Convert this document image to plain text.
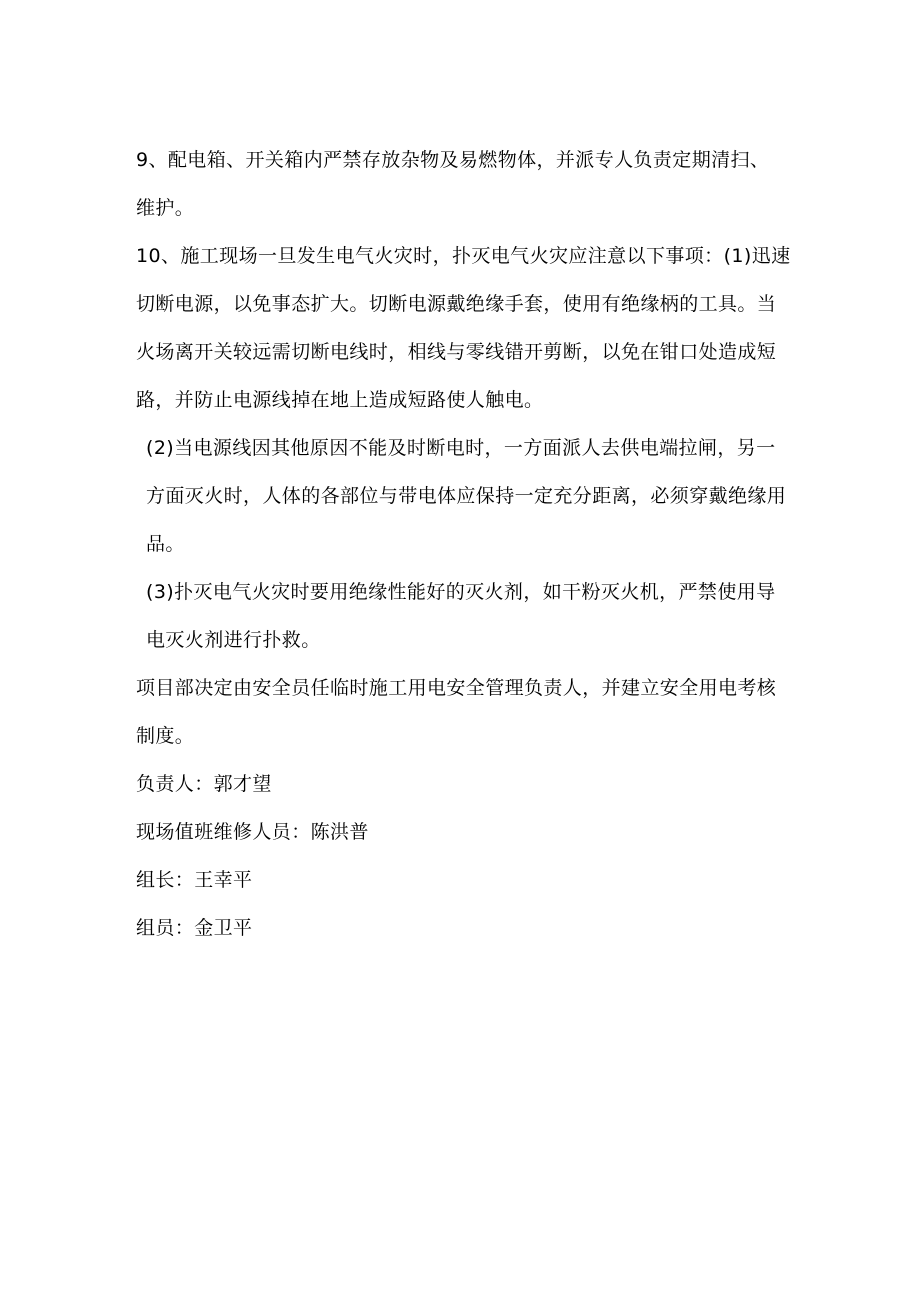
9、配电箱、开关箱内严禁存放杂物及易燃物体，并派专人负责定期清扫、
维护。

10、施工现场一旦发生电气火灾时，扑灭电气火灾应注意以下事项：(1)迅速
切断电源，以免事态扩大。切断电源戴绝缘手套，使用有绝缘柄的工具。当
火场离开关较远需切断电线时，相线与零线错开剪断，以免在钳口处造成短
路，并防止电源线掉在地上造成短路使人触电。

(2)当电源线因其他原因不能及时断电时，一方面派人去供电端拉闸，另一
方面灭火时，人体的各部位与带电体应保持一定充分距离，必须穿戴绝缘用
品。

(3)扑灭电气火灾时要用绝缘性能好的灭火剂，如干粉灭火机，严禁使用导
电灭火剂进行扑救。

项目部决定由安全员任临时施工用电安全管理负责人，并建立安全用电考核
制度。

负责人：郭才望

现场值班维修人员：陈洪普

组长：王幸平

组员：金卫平
